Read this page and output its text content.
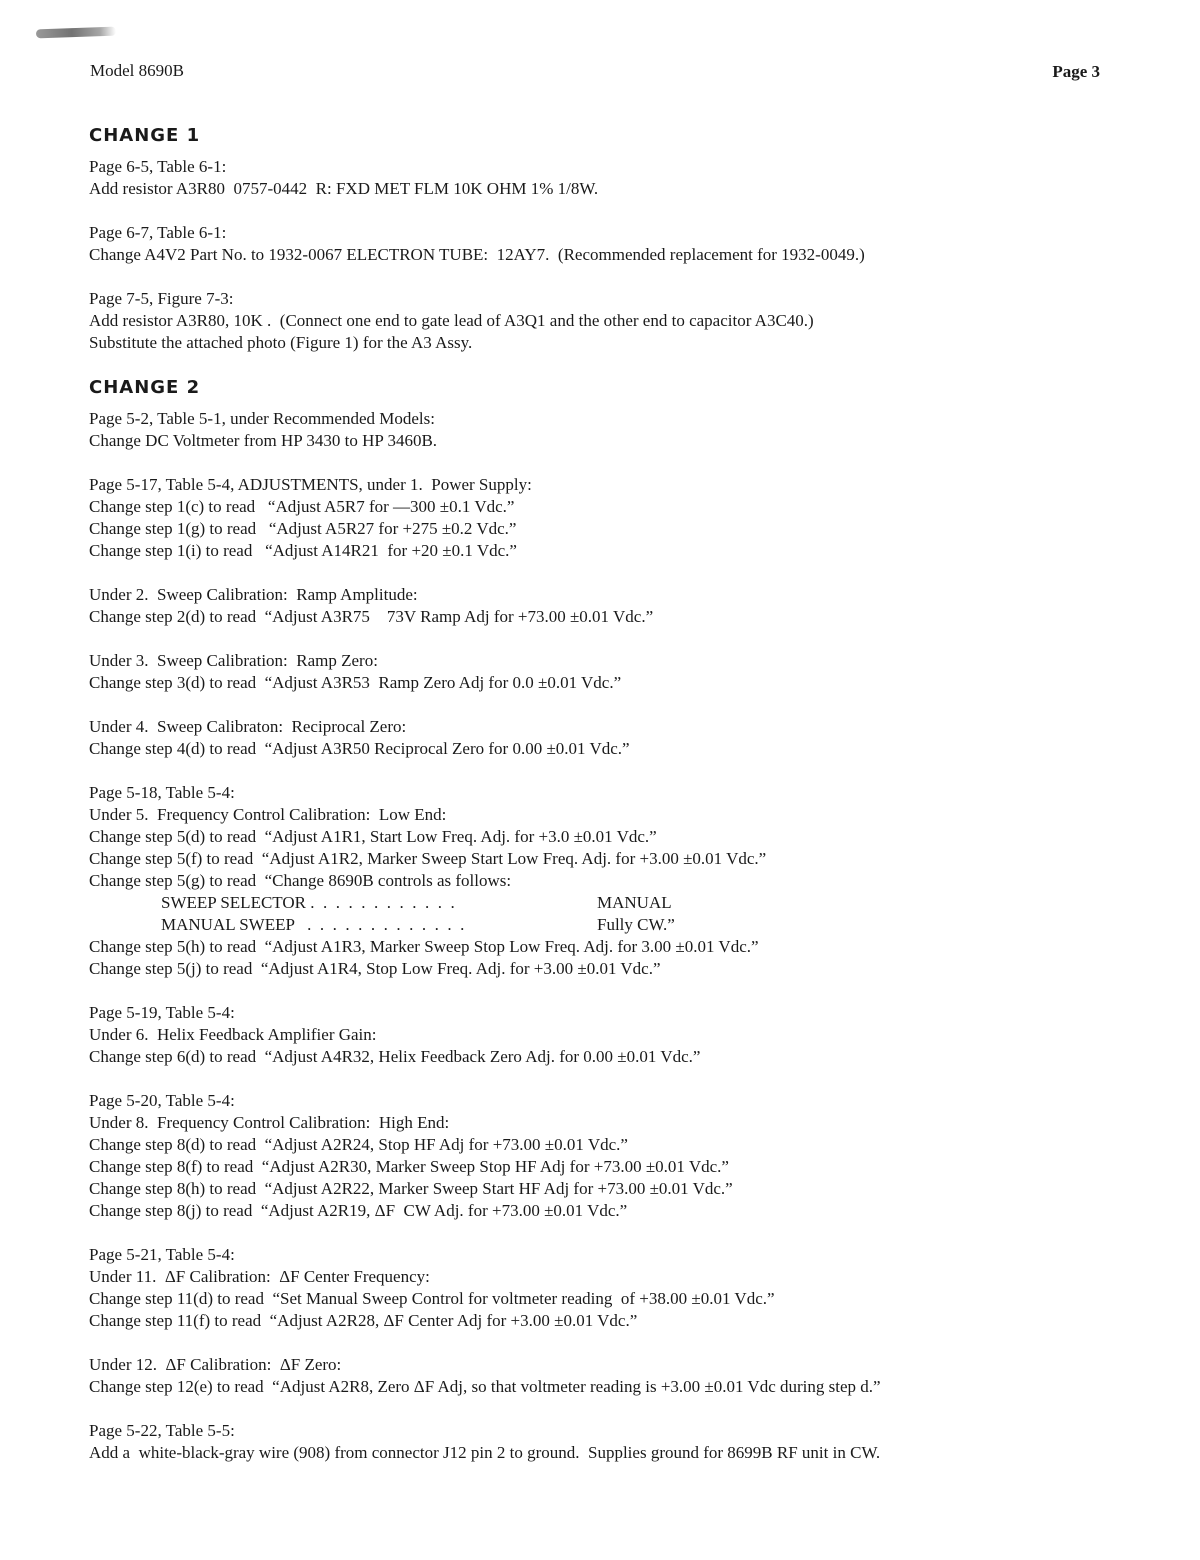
Model 8690B	Page 3
CHANGE 1
Page 6-5, Table 6-1:
Add resistor A3R80  0757-0442  R: FXD MET FLM 10K OHM 1% 1/8W.
Page 6-7, Table 6-1:
Change A4V2 Part No. to 1932-0067 ELECTRON TUBE:  12AY7.  (Recommended replacement for 1932-0049.)
Page 7-5, Figure 7-3:
Add resistor A3R80, 10K .  (Connect one end to gate lead of A3Q1 and the other end to capacitor A3C40.)
Substitute the attached photo (Figure 1) for the A3 Assy.
CHANGE 2
Page 5-2, Table 5-1, under Recommended Models:
Change DC Voltmeter from HP 3430 to HP 3460B.
Page 5-17, Table 5-4, ADJUSTMENTS, under 1.  Power Supply:
Change step 1(c) to read   “Adjust A5R7 for —300 ±0.1 Vdc.”
Change step 1(g) to read   “Adjust A5R27 for +275 ±0.2 Vdc.”
Change step 1(i) to read   “Adjust A14R21  for +20 ±0.1 Vdc.”
Under 2.  Sweep Calibration:  Ramp Amplitude:
Change step 2(d) to read  “Adjust A3R75    73V Ramp Adj for +73.00 ±0.01 Vdc.”
Under 3.  Sweep Calibration:  Ramp Zero:
Change step 3(d) to read  “Adjust A3R53  Ramp Zero Adj for 0.0 ±0.01 Vdc.”
Under 4.  Sweep Calibraton:  Reciprocal Zero:
Change step 4(d) to read  “Adjust A3R50 Reciprocal Zero for 0.00 ±0.01 Vdc.”
Page 5-18, Table 5-4:
Under 5.  Frequency Control Calibration:  Low End:
Change step 5(d) to read  “Adjust A1R1, Start Low Freq. Adj. for +3.0 ±0.01 Vdc.”
Change step 5(f) to read  “Adjust A1R2, Marker Sweep Start Low Freq. Adj. for +3.00 ±0.01 Vdc.”
Change step 5(g) to read  “Change 8690B controls as follows:
SWEEP SELECTOR .  .  .  .  .  .  .  .  .  .  .  .	MANUAL
MANUAL SWEEP   .  .  .  .  .  .  .  .  .  .  .  .  .	Fully CW.”
Change step 5(h) to read  “Adjust A1R3, Marker Sweep Stop Low Freq. Adj. for 3.00 ±0.01 Vdc.”
Change step 5(j) to read  “Adjust A1R4, Stop Low Freq. Adj. for +3.00 ±0.01 Vdc.”
Page 5-19, Table 5-4:
Under 6.  Helix Feedback Amplifier Gain:
Change step 6(d) to read  “Adjust A4R32, Helix Feedback Zero Adj. for 0.00 ±0.01 Vdc.”
Page 5-20, Table 5-4:
Under 8.  Frequency Control Calibration:  High End:
Change step 8(d) to read  “Adjust A2R24, Stop HF Adj for +73.00 ±0.01 Vdc.”
Change step 8(f) to read  “Adjust A2R30, Marker Sweep Stop HF Adj for +73.00 ±0.01 Vdc.”
Change step 8(h) to read  “Adjust A2R22, Marker Sweep Start HF Adj for +73.00 ±0.01 Vdc.”
Change step 8(j) to read  “Adjust A2R19, ΔF  CW Adj. for +73.00 ±0.01 Vdc.”
Page 5-21, Table 5-4:
Under 11.  ΔF Calibration:  ΔF Center Frequency:
Change step 11(d) to read  “Set Manual Sweep Control for voltmeter reading  of +38.00 ±0.01 Vdc.”
Change step 11(f) to read  “Adjust A2R28, ΔF Center Adj for +3.00 ±0.01 Vdc.”
Under 12.  ΔF Calibration:  ΔF Zero:
Change step 12(e) to read  “Adjust A2R8, Zero ΔF Adj, so that voltmeter reading is +3.00 ±0.01 Vdc during step d.”
Page 5-22, Table 5-5:
Add a  white-black-gray wire (908) from connector J12 pin 2 to ground.  Supplies ground for 8699B RF unit in CW.
